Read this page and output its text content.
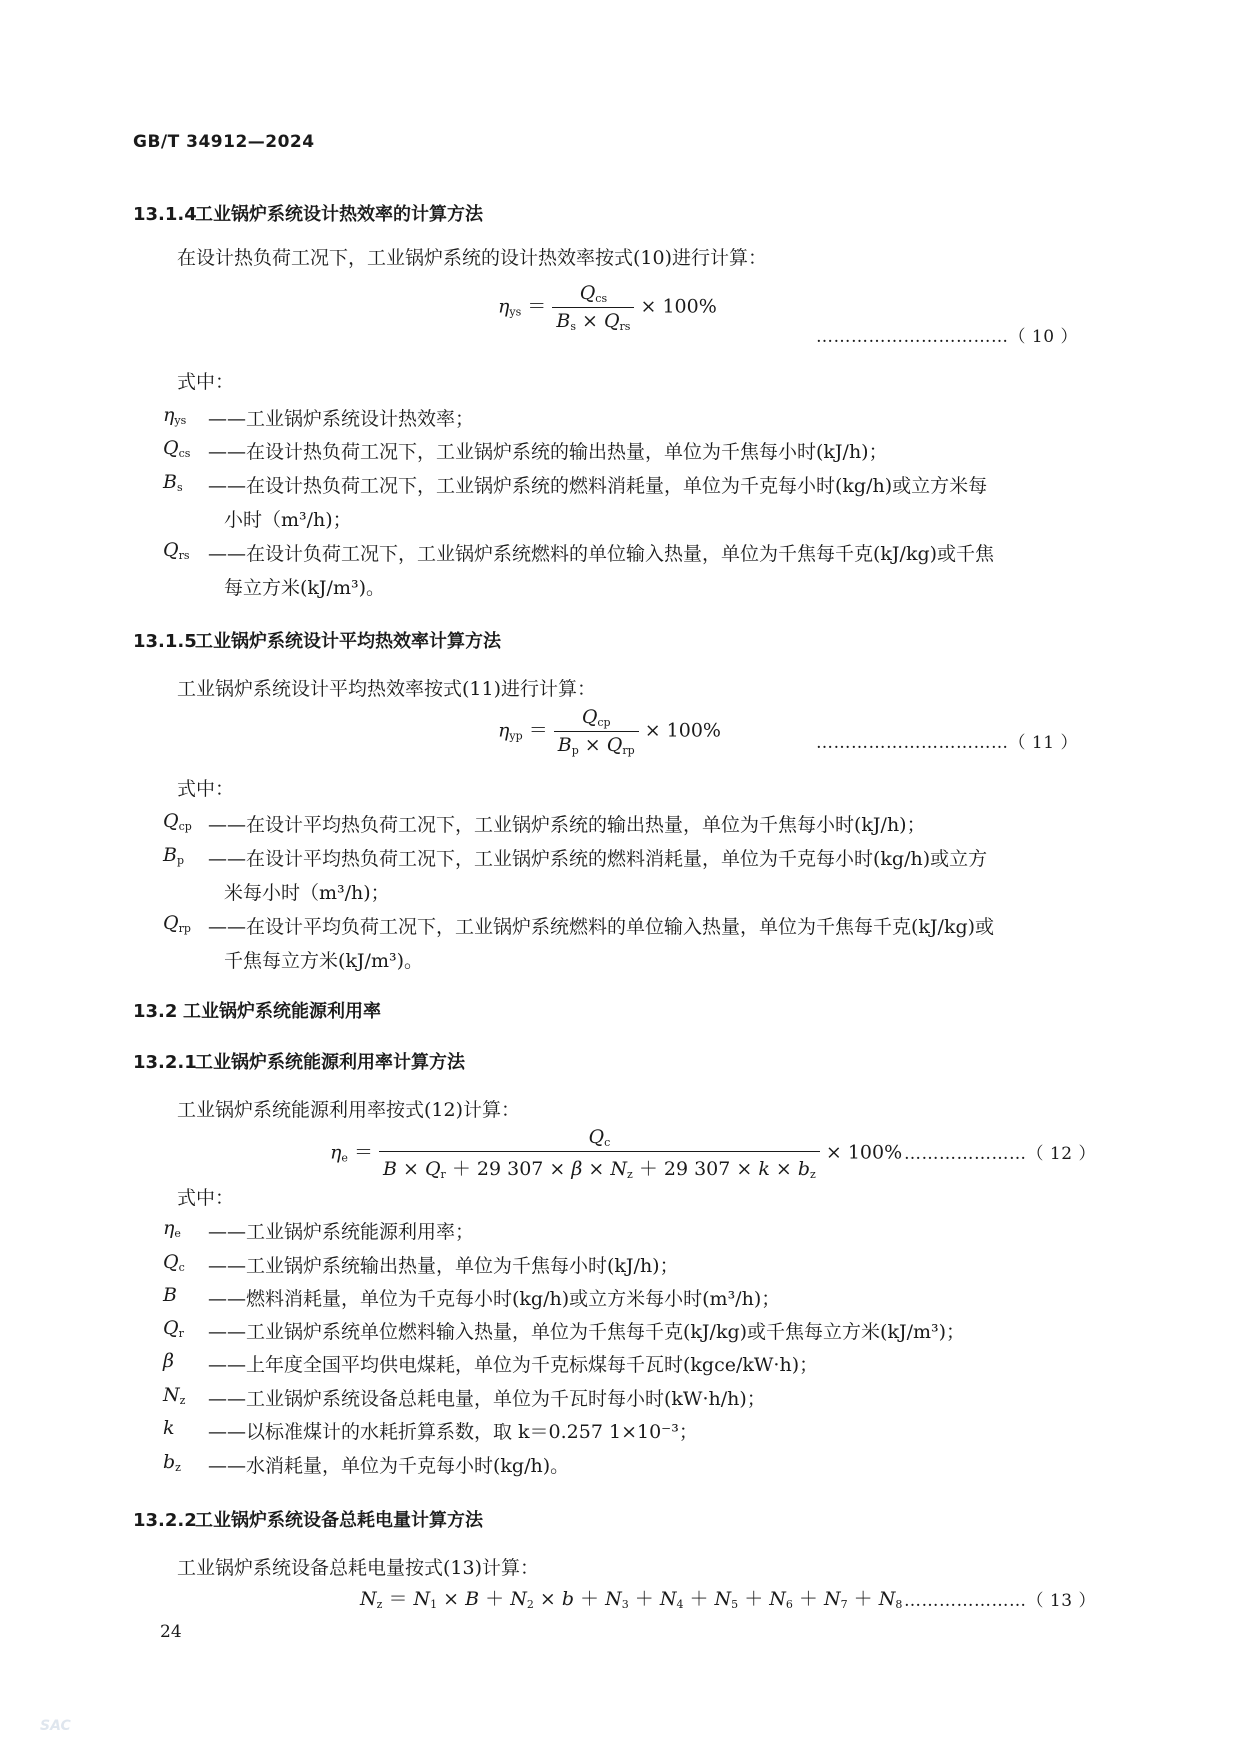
GB/T 34912—2024
13.1.4工业锅炉系统设计热效率的计算方法
在设计热负荷工况下，工业锅炉系统的设计热效率按式(10)进行计算：
$\eta_{ys} = \frac{Q_{cs}}{B_s \times Q_{rs}} \times 100\%$
……………………………（ 10 ）
式中：
$\eta_{ys}$ ——工业锅炉系统设计热效率；
$Q_{cs}$ ——在设计热负荷工况下，工业锅炉系统的输出热量，单位为千焦每小时(kJ/h)；
$B_s$ ——在设计热负荷工况下，工业锅炉系统的燃料消耗量，单位为千克每小时(kg/h)或立方米每
小时（m³/h)；
$Q_{rs}$ ——在设计负荷工况下，工业锅炉系统燃料的单位输入热量，单位为千焦每千克(kJ/kg)或千焦
每立方米(kJ/m³)。
13.1.5工业锅炉系统设计平均热效率计算方法
工业锅炉系统设计平均热效率按式(11)进行计算：
$\eta_{yp} = \frac{Q_{cp}}{B_p \times Q_{rp}} \times 100\%$
……………………………（ 11 ）
式中：
$Q_{cp}$ ——在设计平均热负荷工况下，工业锅炉系统的输出热量，单位为千焦每小时(kJ/h)；
$B_p$ ——在设计平均热负荷工况下，工业锅炉系统的燃料消耗量，单位为千克每小时(kg/h)或立方
米每小时（m³/h)；
$Q_{rp}$ ——在设计平均负荷工况下，工业锅炉系统燃料的单位输入热量，单位为千焦每千克(kJ/kg)或
千焦每立方米(kJ/m³)。
13.2 工业锅炉系统能源利用率
13.2.1工业锅炉系统能源利用率计算方法
工业锅炉系统能源利用率按式(12)计算：
$\eta_e = \frac{Q_c}{B \times Q_r + 29 307 \times \beta \times N_z + 29 307 \times k \times b_z} \times 100\%$ …………………（ 12 ）
式中：
$\eta_e$ ——工业锅炉系统能源利用率；
$Q_c$ ——工业锅炉系统输出热量，单位为千焦每小时(kJ/h)；
B ——燃料消耗量，单位为千克每小时(kg/h)或立方米每小时(m³/h)；
$Q_r$ ——工业锅炉系统单位燃料输入热量，单位为千焦每千克(kJ/kg)或千焦每立方米(kJ/m³)；
β ——上年度全国平均供电煤耗，单位为千克标煤每千瓦时(kgce/kW·h)；
$N_z$ ——工业锅炉系统设备总耗电量，单位为千瓦时每小时(kW·h/h)；
k ——以标准煤计的水耗折算系数，取 k＝0.257 1×10⁻³；
$b_z$ ——水消耗量，单位为千克每小时(kg/h)。
13.2.2工业锅炉系统设备总耗电量计算方法
工业锅炉系统设备总耗电量按式(13)计算：
$N_z = N_1 \times B + N_2 \times b + N_3 + N_4 + N_5 + N_6 + N_7 + N_8$ …………………（ 13 ）
24
SAC
